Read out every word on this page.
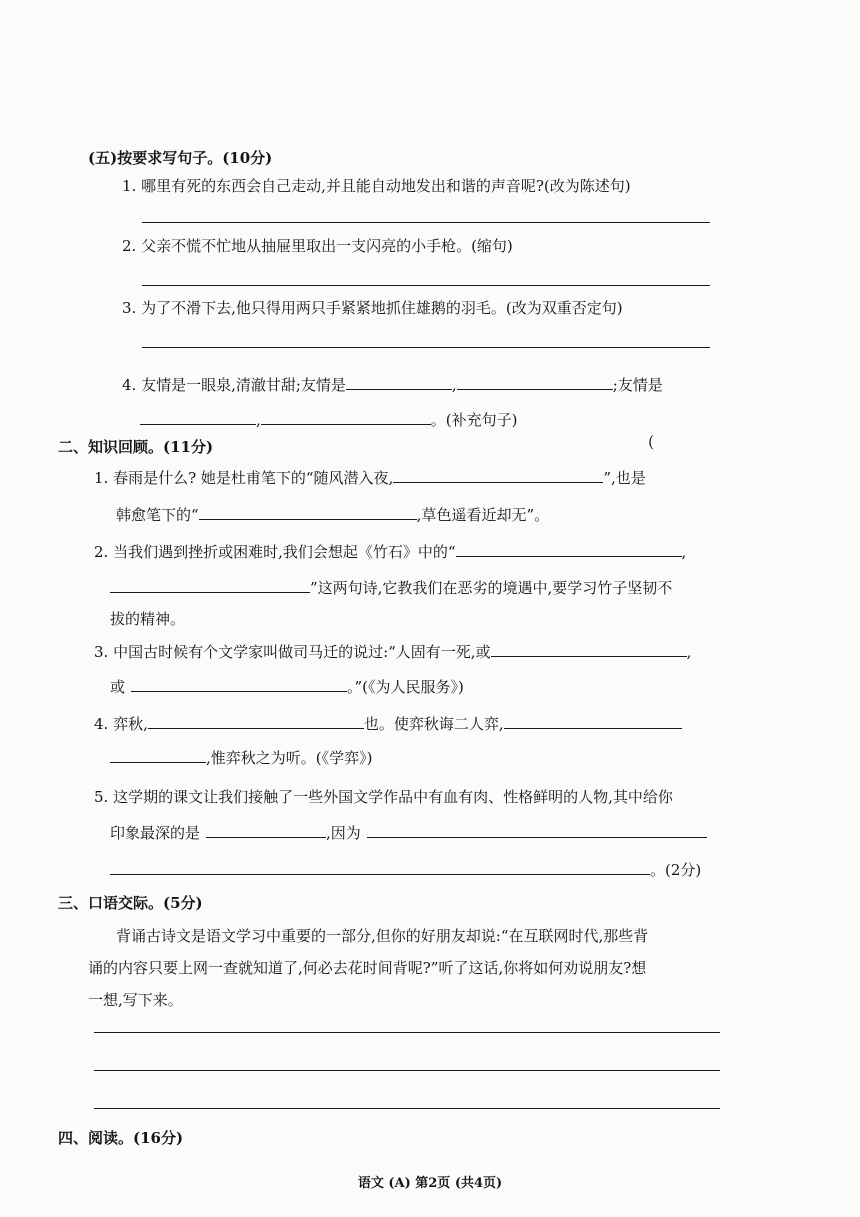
(五)按要求写句子。(10分)
1. 哪里有死的东西会自己走动,并且能自动地发出和谐的声音呢?(改为陈述句)
2. 父亲不慌不忙地从抽屉里取出一支闪亮的小手枪。(缩句)
3. 为了不滑下去,他只得用两只手紧紧地抓住雄鹅的羽毛。(改为双重否定句)
4. 友情是一眼泉,清澈甘甜;友情是	,	;友情是
,	。(补充句子)
二、知识回顾。(11分)	(
1. 春雨是什么? 她是杜甫笔下的“随风潜入夜,	”,也是
韩愈笔下的“	,草色遥看近却无”。
2. 当我们遇到挫折或困难时,我们会想起《竹石》中的“	,
”这两句诗,它教我们在恶劣的境遇中,要学习竹子坚韧不
拔的精神。
3. 中国古时候有个文学家叫做司马迁的说过:“人固有一死,或	,
或	。”(《为人民服务》)
4. 弈秋,	也。使弈秋诲二人弈,
,惟弈秋之为听。(《学弈》)
5. 这学期的课文让我们接触了一些外国文学作品中有血有肉、性格鲜明的人物,其中给你
印象最深的是	,因为
。(2分)
三、口语交际。(5分)
背诵古诗文是语文学习中重要的一部分,但你的好朋友却说:“在互联网时代,那些背
诵的内容只要上网一查就知道了,何必去花时间背呢?”听了这话,你将如何劝说朋友?想
一想,写下来。
四、阅读。(16分)
语文 (A) 第2页 (共4页)
